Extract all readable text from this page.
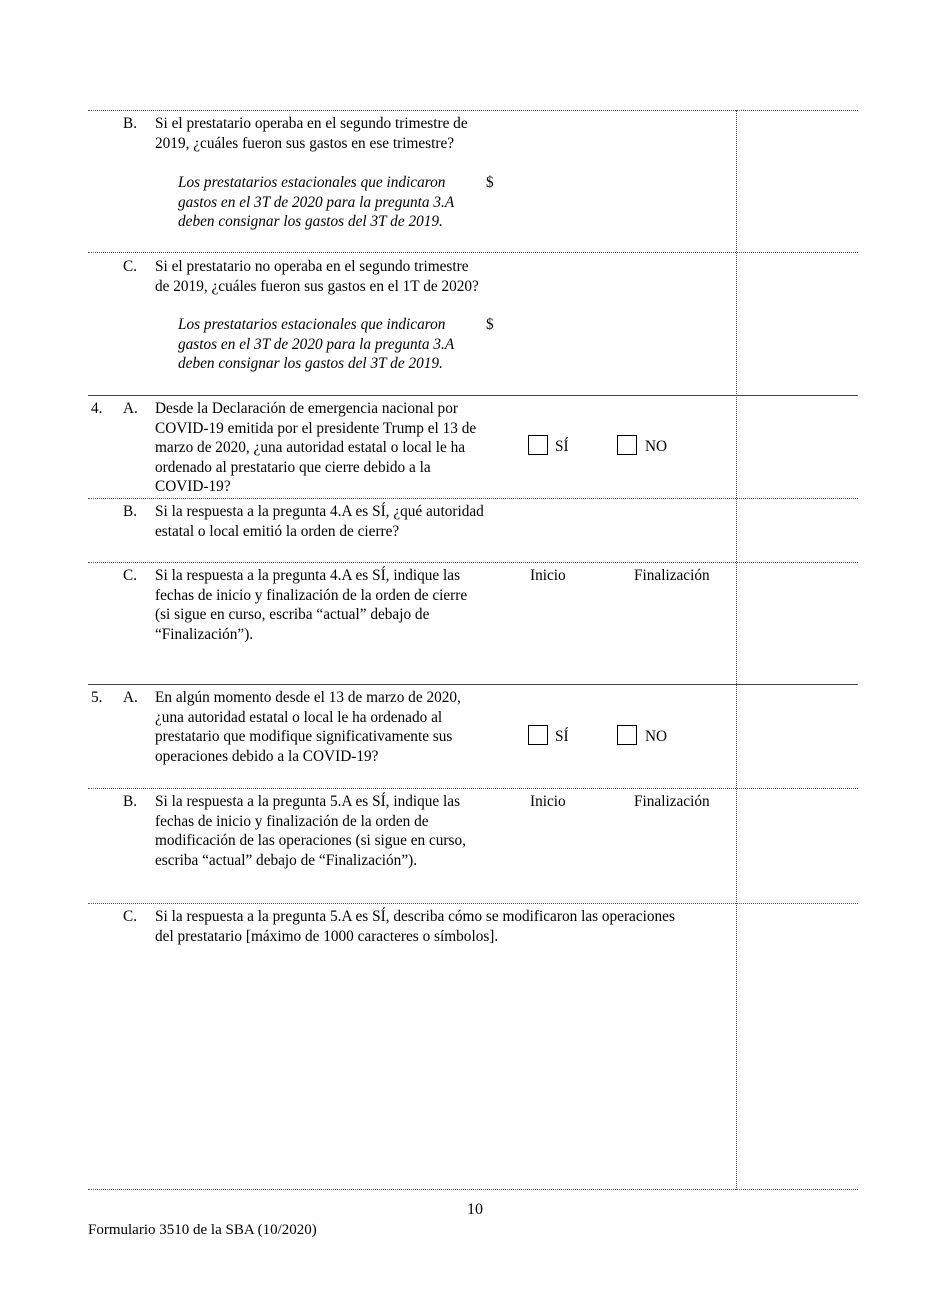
B. Si el prestatario operaba en el segundo trimestre de 2019, ¿cuáles fueron sus gastos en ese trimestre?
Los prestatarios estacionales que indicaron gastos en el 3T de 2020 para la pregunta 3.A deben consignar los gastos del 3T de 2019.
$
C. Si el prestatario no operaba en el segundo trimestre de 2019, ¿cuáles fueron sus gastos en el 1T de 2020?
Los prestatarios estacionales que indicaron gastos en el 3T de 2020 para la pregunta 3.A deben consignar los gastos del 3T de 2019.
$
4. A. Desde la Declaración de emergencia nacional por COVID-19 emitida por el presidente Trump el 13 de marzo de 2020, ¿una autoridad estatal o local le ha ordenado al prestatario que cierre debido a la COVID-19?
SÍ	NO
B. Si la respuesta a la pregunta 4.A es SÍ, ¿qué autoridad estatal o local emitió la orden de cierre?
C. Si la respuesta a la pregunta 4.A es SÍ, indique las fechas de inicio y finalización de la orden de cierre (si sigue en curso, escriba “actual” debajo de “Finalización”).
Inicio	Finalización
5. A. En algún momento desde el 13 de marzo de 2020, ¿una autoridad estatal o local le ha ordenado al prestatario que modifique significativamente sus operaciones debido a la COVID-19?
SÍ	NO
B. Si la respuesta a la pregunta 5.A es SÍ, indique las fechas de inicio y finalización de la orden de modificación de las operaciones (si sigue en curso, escriba “actual” debajo de “Finalización”).
Inicio	Finalización
C. Si la respuesta a la pregunta 5.A es SÍ, describa cómo se modificaron las operaciones del prestatario [máximo de 1000 caracteres o símbolos].
10
Formulario 3510 de la SBA (10/2020)
